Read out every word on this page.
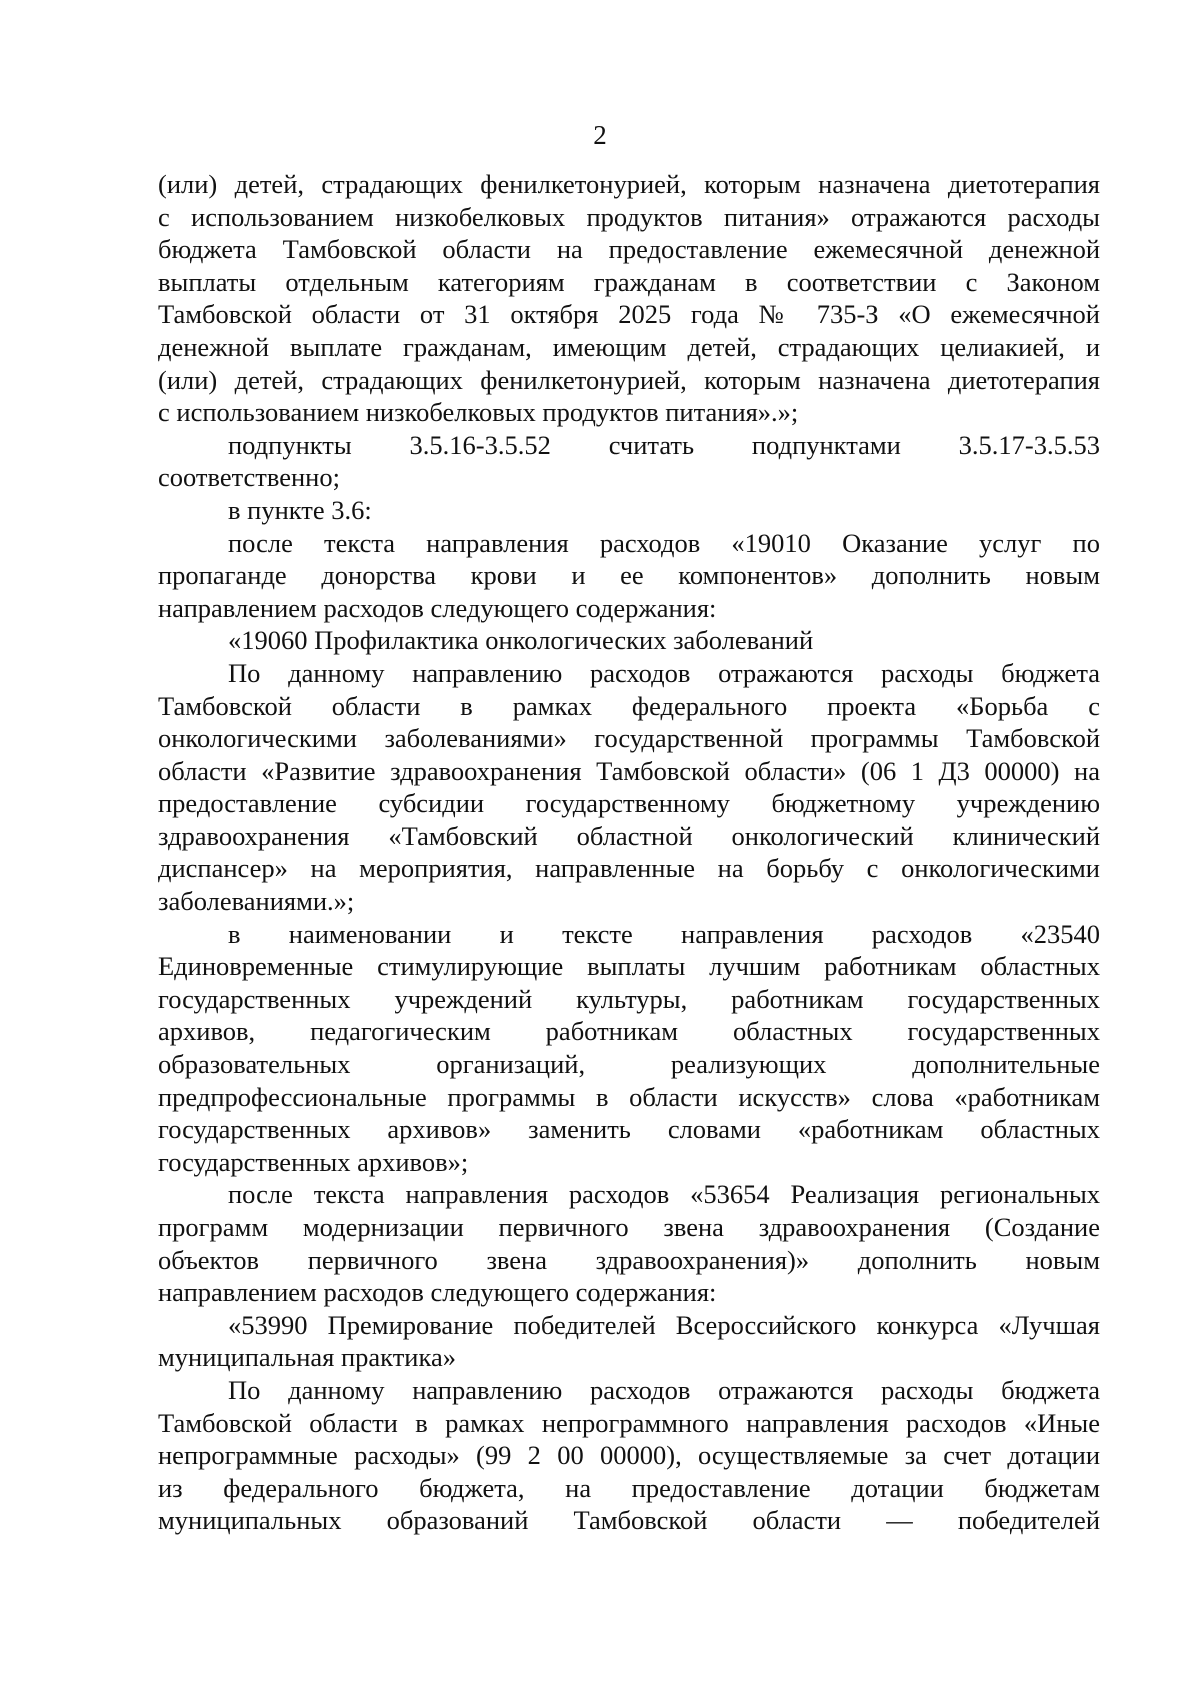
2

(или) детей, страдающих фенилкетонурией, которым назначена диетотерапия

с использованием низкобелковых продуктов питания» отражаются расходы

бюджета Тамбовской области на предоставление ежемесячной денежной

выплаты отдельным категориям гражданам в соответствии с Законом

Тамбовской области от 31 октября 2025 года № 735-З «О ежемесячной

денежной выплате гражданам, имеющим детей, страдающих целиакией, и

(или) детей, страдающих фенилкетонурией, которым назначена диетотерапия

с использованием низкобелковых продуктов питания».»;

подпункты 3.5.16-3.5.52 считать подпунктами 3.5.17-3.5.53

соответственно;

в пункте 3.6:

после текста направления расходов «19010 Оказание услуг по

пропаганде донорства крови и ее компонентов» дополнить новым

направлением расходов следующего содержания:

«19060 Профилактика онкологических заболеваний

По данному направлению расходов отражаются расходы бюджета

Тамбовской области в рамках федерального проекта «Борьба с

онкологическими заболеваниями» государственной программы Тамбовской

области «Развитие здравоохранения Тамбовской области» (06 1 Д3 00000) на

предоставление субсидии государственному бюджетному учреждению

здравоохранения «Тамбовский областной онкологический клинический

диспансер» на мероприятия, направленные на борьбу с онкологическими

заболеваниями.»;

в наименовании и тексте направления расходов «23540

Единовременные стимулирующие выплаты лучшим работникам областных

государственных учреждений культуры, работникам государственных

архивов, педагогическим работникам областных государственных

образовательных организаций, реализующих дополнительные

предпрофессиональные программы в области искусств» слова «работникам

государственных архивов» заменить словами «работникам областных

государственных архивов»;

после текста направления расходов «53654 Реализация региональных

программ модернизации первичного звена здравоохранения (Создание

объектов первичного звена здравоохранения)» дополнить новым

направлением расходов следующего содержания:

«53990 Премирование победителей Всероссийского конкурса «Лучшая

муниципальная практика»

По данному направлению расходов отражаются расходы бюджета

Тамбовской области в рамках непрограммного направления расходов «Иные

непрограммные расходы» (99 2 00 00000), осуществляемые за счет дотации

из федерального бюджета, на предоставление дотации бюджетам

муниципальных образований Тамбовской области — победителей
